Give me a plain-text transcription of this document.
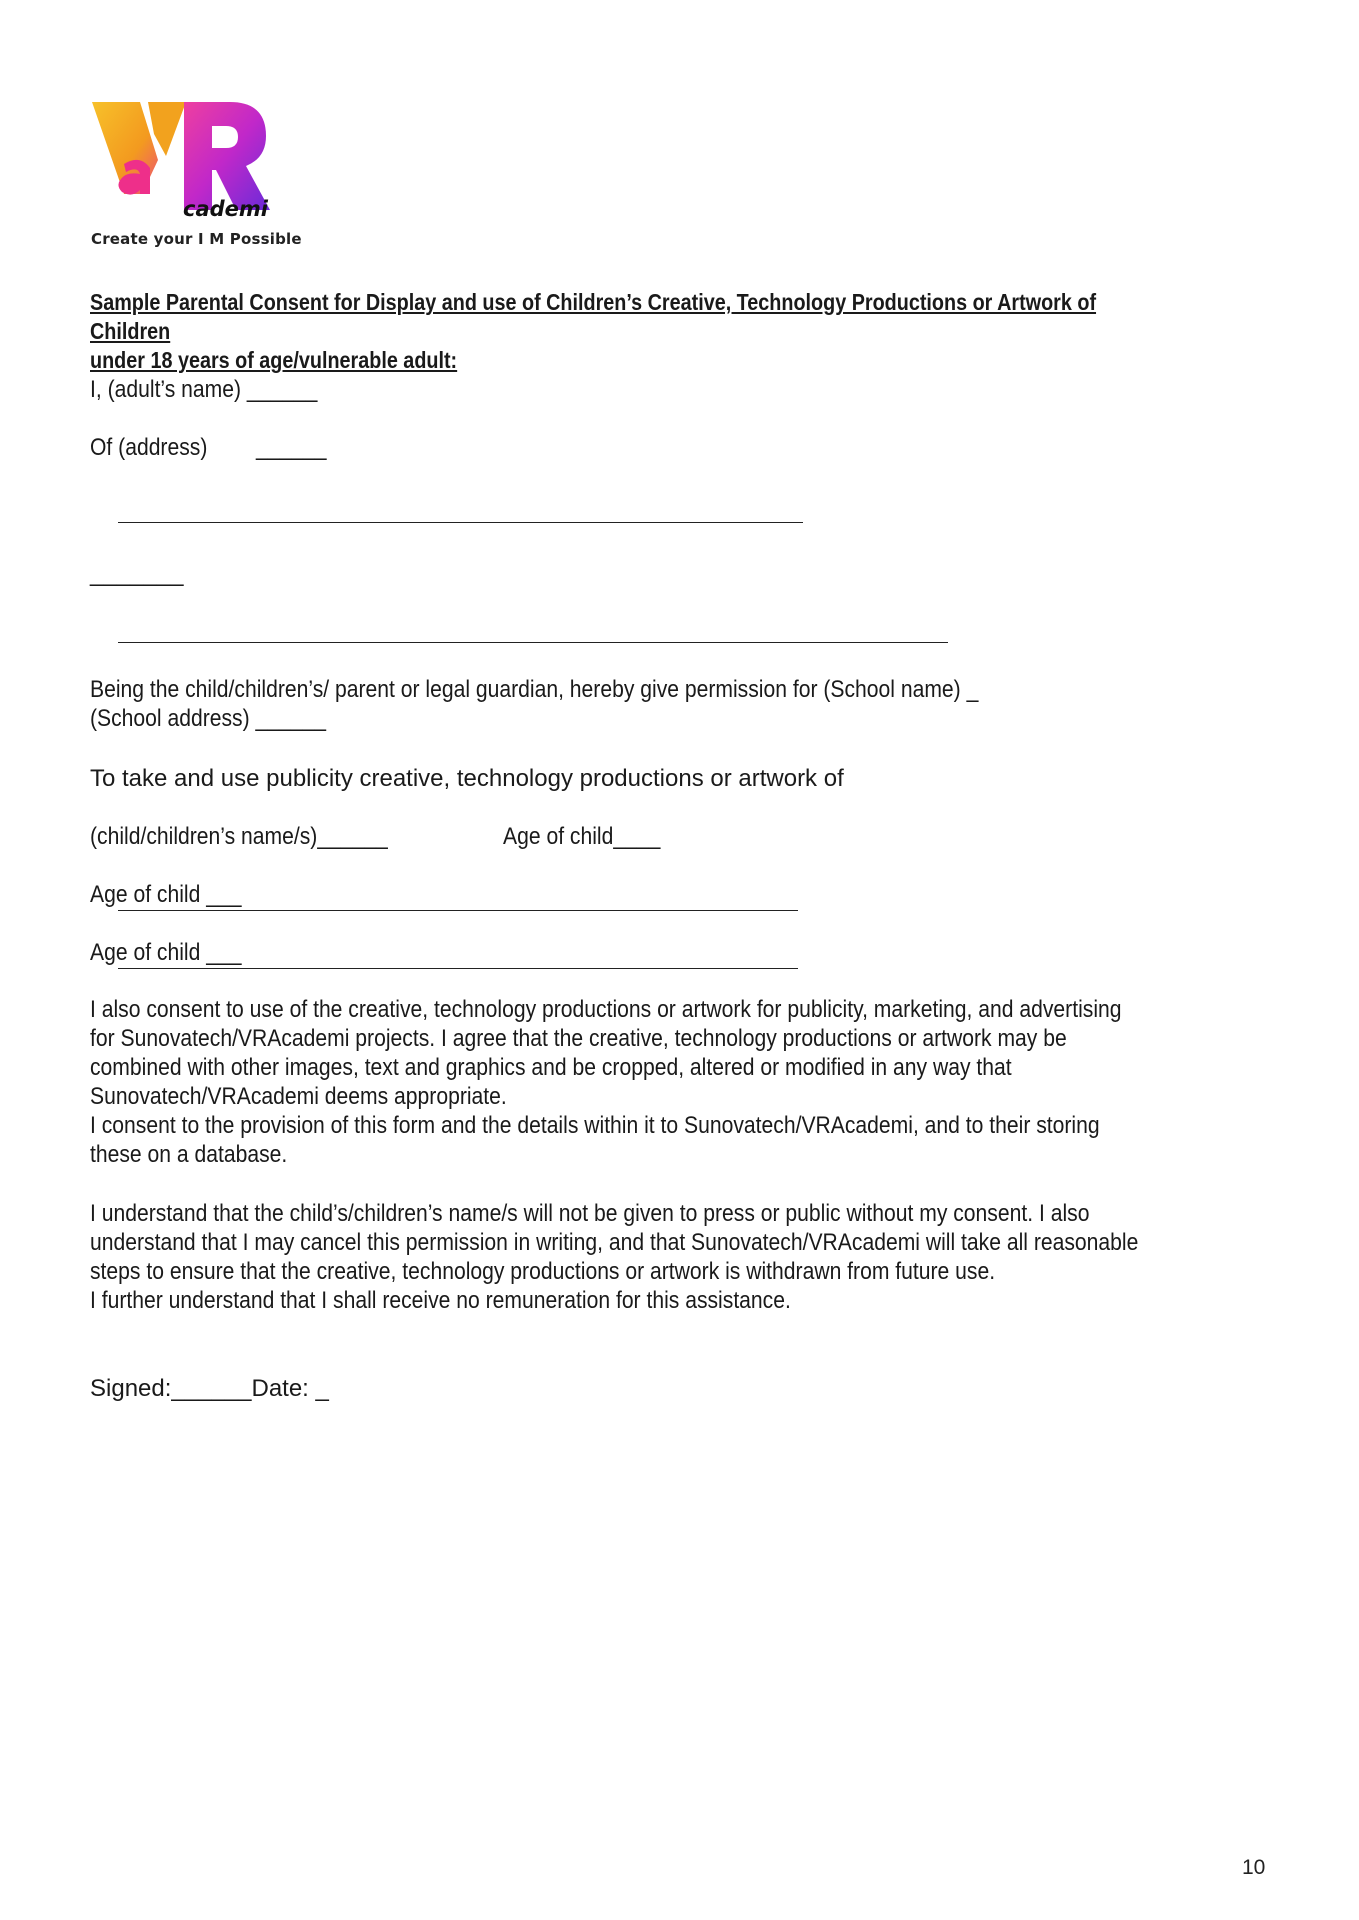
cademi
Create your I M Possible
Sample Parental Consent for Display and use of Children’s Creative, Technology Productions or Artwork of Children
under 18 years of age/vulnerable adult:
I, (adult’s name) ______
Of (address) ______
_______
Being the child/children’s/ parent or legal guardian, hereby give permission for (School name) _
(School address) ______
To take and use publicity creative, technology productions or artwork of
(child/children’s name/s)______	Age of child____
Age of child ___
Age of child ___
I also consent to use of the creative, technology productions or artwork for publicity, marketing, and advertising
for Sunovatech/VRAcademi projects. I agree that the creative, technology productions or artwork may be
combined with other images, text and graphics and be cropped, altered or modified in any way that
Sunovatech/VRAcademi deems appropriate.
I consent to the provision of this form and the details within it to Sunovatech/VRAcademi, and to their storing
these on a database.
I understand that the child’s/children’s name/s will not be given to press or public without my consent. I also
understand that I may cancel this permission in writing, and that Sunovatech/VRAcademi will take all reasonable
steps to ensure that the creative, technology productions or artwork is withdrawn from future use.
I further understand that I shall receive no remuneration for this assistance.
Signed:______Date: _
10
